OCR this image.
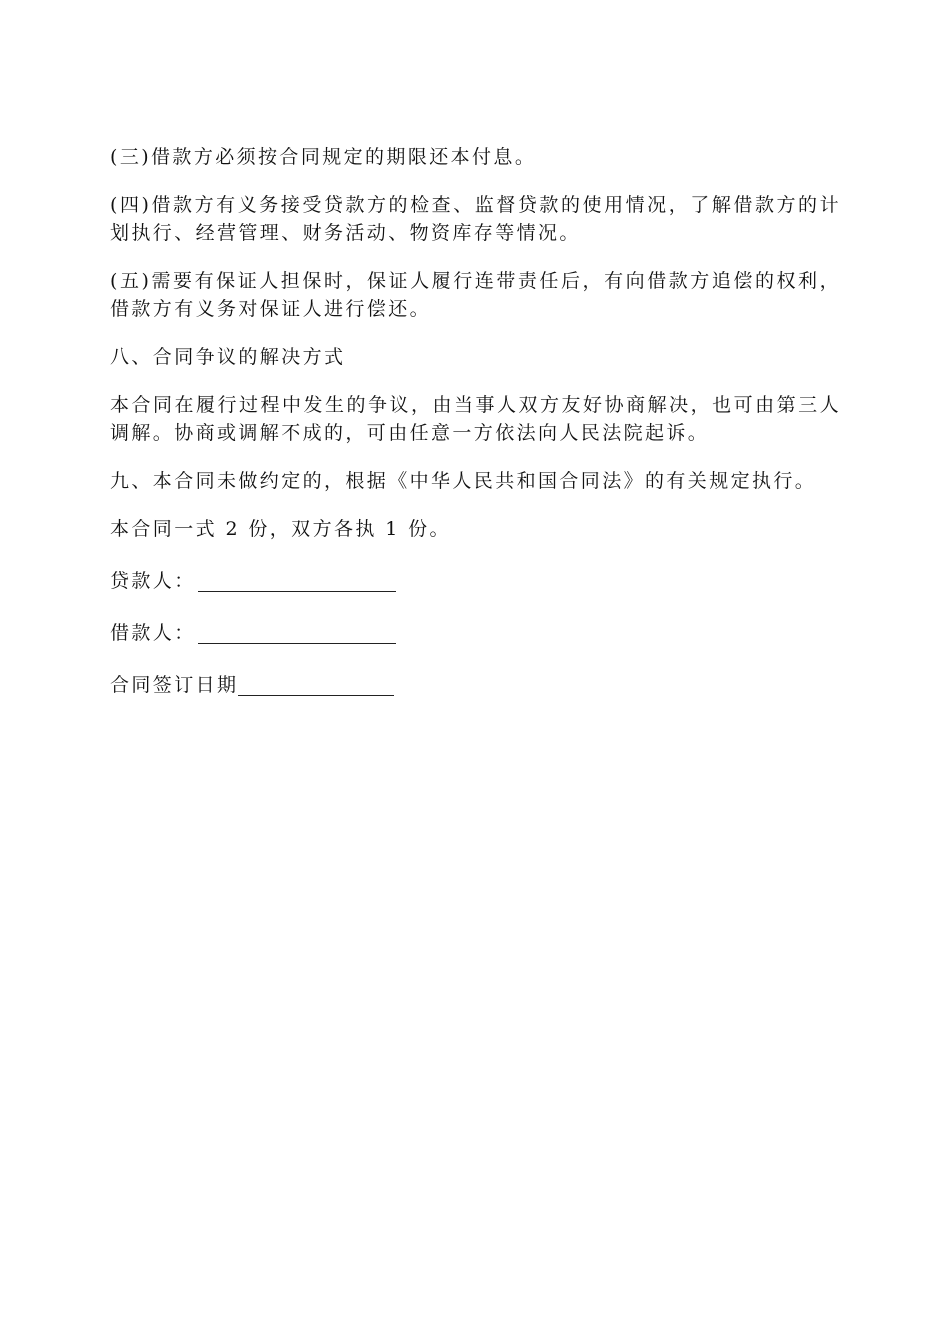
(三)借款方必须按合同规定的期限还本付息。

(四)借款方有义务接受贷款方的检查、监督贷款的使用情况，了解借款方的计划执行、经营管理、财务活动、物资库存等情况。

(五)需要有保证人担保时，保证人履行连带责任后，有向借款方追偿的权利，借款方有义务对保证人进行偿还。

八、合同争议的解决方式

本合同在履行过程中发生的争议，由当事人双方友好协商解决，也可由第三人调解。协商或调解不成的，可由任意一方依法向人民法院起诉。

九、本合同未做约定的，根据《中华人民共和国合同法》的有关规定执行。

本合同一式 2 份，双方各执 1 份。

贷款人：
借款人：
合同签订日期
